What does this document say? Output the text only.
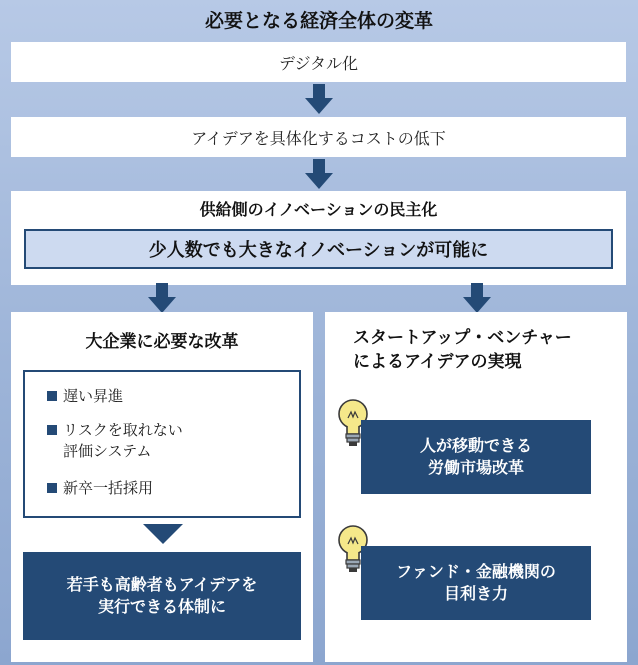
必要となる経済全体の変革
デジタル化
アイデアを具体化するコストの低下
供給側のイノベーションの民主化
少人数でも大きなイノベーションが可能に
大企業に必要な改革
遅い昇進
リスクを取れない
評価システム
新卒一括採用
若手も高齢者もアイデアを
実行できる体制に
スタートアップ・ベンチャー
によるアイデアの実現
人が移動できる
労働市場改革
ファンド・金融機関の
目利き力
